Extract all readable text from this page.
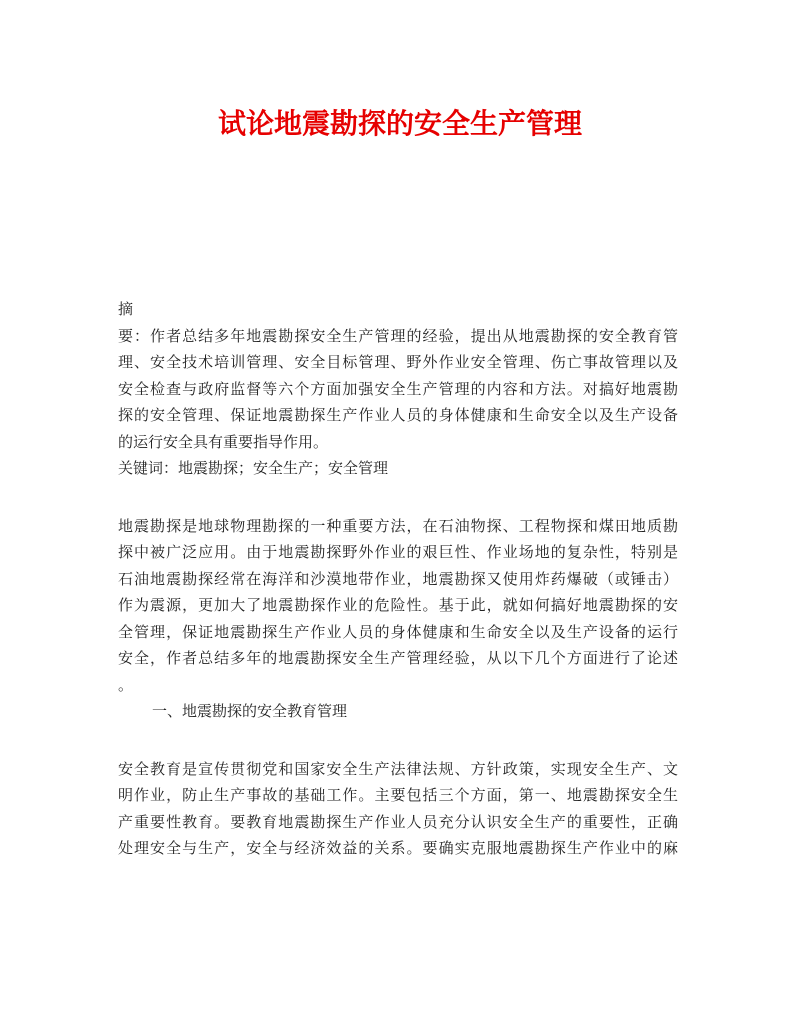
试论地震勘探的安全生产管理
摘
要：作者总结多年地震勘探安全生产管理的经验，提出从地震勘探的安全教育管
理、安全技术培训管理、安全目标管理、野外作业安全管理、伤亡事故管理以及
安全检查与政府监督等六个方面加强安全生产管理的内容和方法。对搞好地震勘
探的安全管理、保证地震勘探生产作业人员的身体健康和生命安全以及生产设备
的运行安全具有重要指导作用。
关键词：地震勘探；安全生产；安全管理
地震勘探是地球物理勘探的一种重要方法，在石油物探、工程物探和煤田地质勘
探中被广泛应用。由于地震勘探野外作业的艰巨性、作业场地的复杂性，特别是
石油地震勘探经常在海洋和沙漠地带作业，地震勘探又使用炸药爆破（或锤击）
作为震源，更加大了地震勘探作业的危险性。基于此，就如何搞好地震勘探的安
全管理，保证地震勘探生产作业人员的身体健康和生命安全以及生产设备的运行
安全，作者总结多年的地震勘探安全生产管理经验，从以下几个方面进行了论述
。
一、地震勘探的安全教育管理
安全教育是宣传贯彻党和国家安全生产法律法规、方针政策，实现安全生产、文
明作业，防止生产事故的基础工作。主要包括三个方面，第一、地震勘探安全生
产重要性教育。要教育地震勘探生产作业人员充分认识安全生产的重要性，正确
处理安全与生产，安全与经济效益的关系。要确实克服地震勘探生产作业中的麻
